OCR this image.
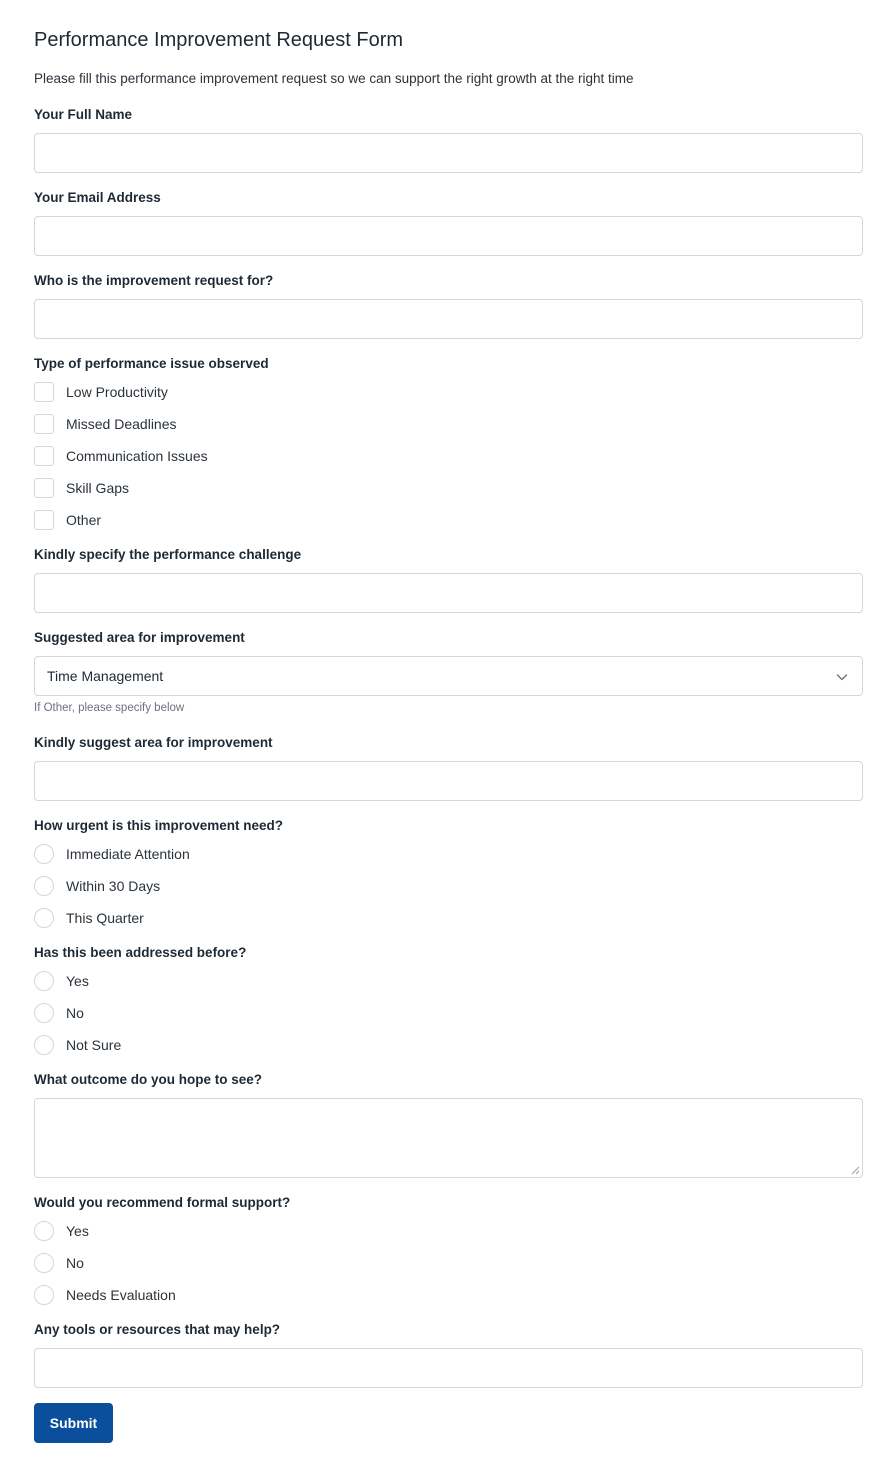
Performance Improvement Request Form
Please fill this performance improvement request so we can support the right growth at the right time
Your Full Name
Your Email Address
Who is the improvement request for?
Type of performance issue observed
Low Productivity
Missed Deadlines
Communication Issues
Skill Gaps
Other
Kindly specify the performance challenge
Suggested area for improvement
Time Management
If Other, please specify below
Kindly suggest area for improvement
How urgent is this improvement need?
Immediate Attention
Within 30 Days
This Quarter
Has this been addressed before?
Yes
No
Not Sure
What outcome do you hope to see?
Would you recommend formal support?
Yes
No
Needs Evaluation
Any tools or resources that may help?
Submit
